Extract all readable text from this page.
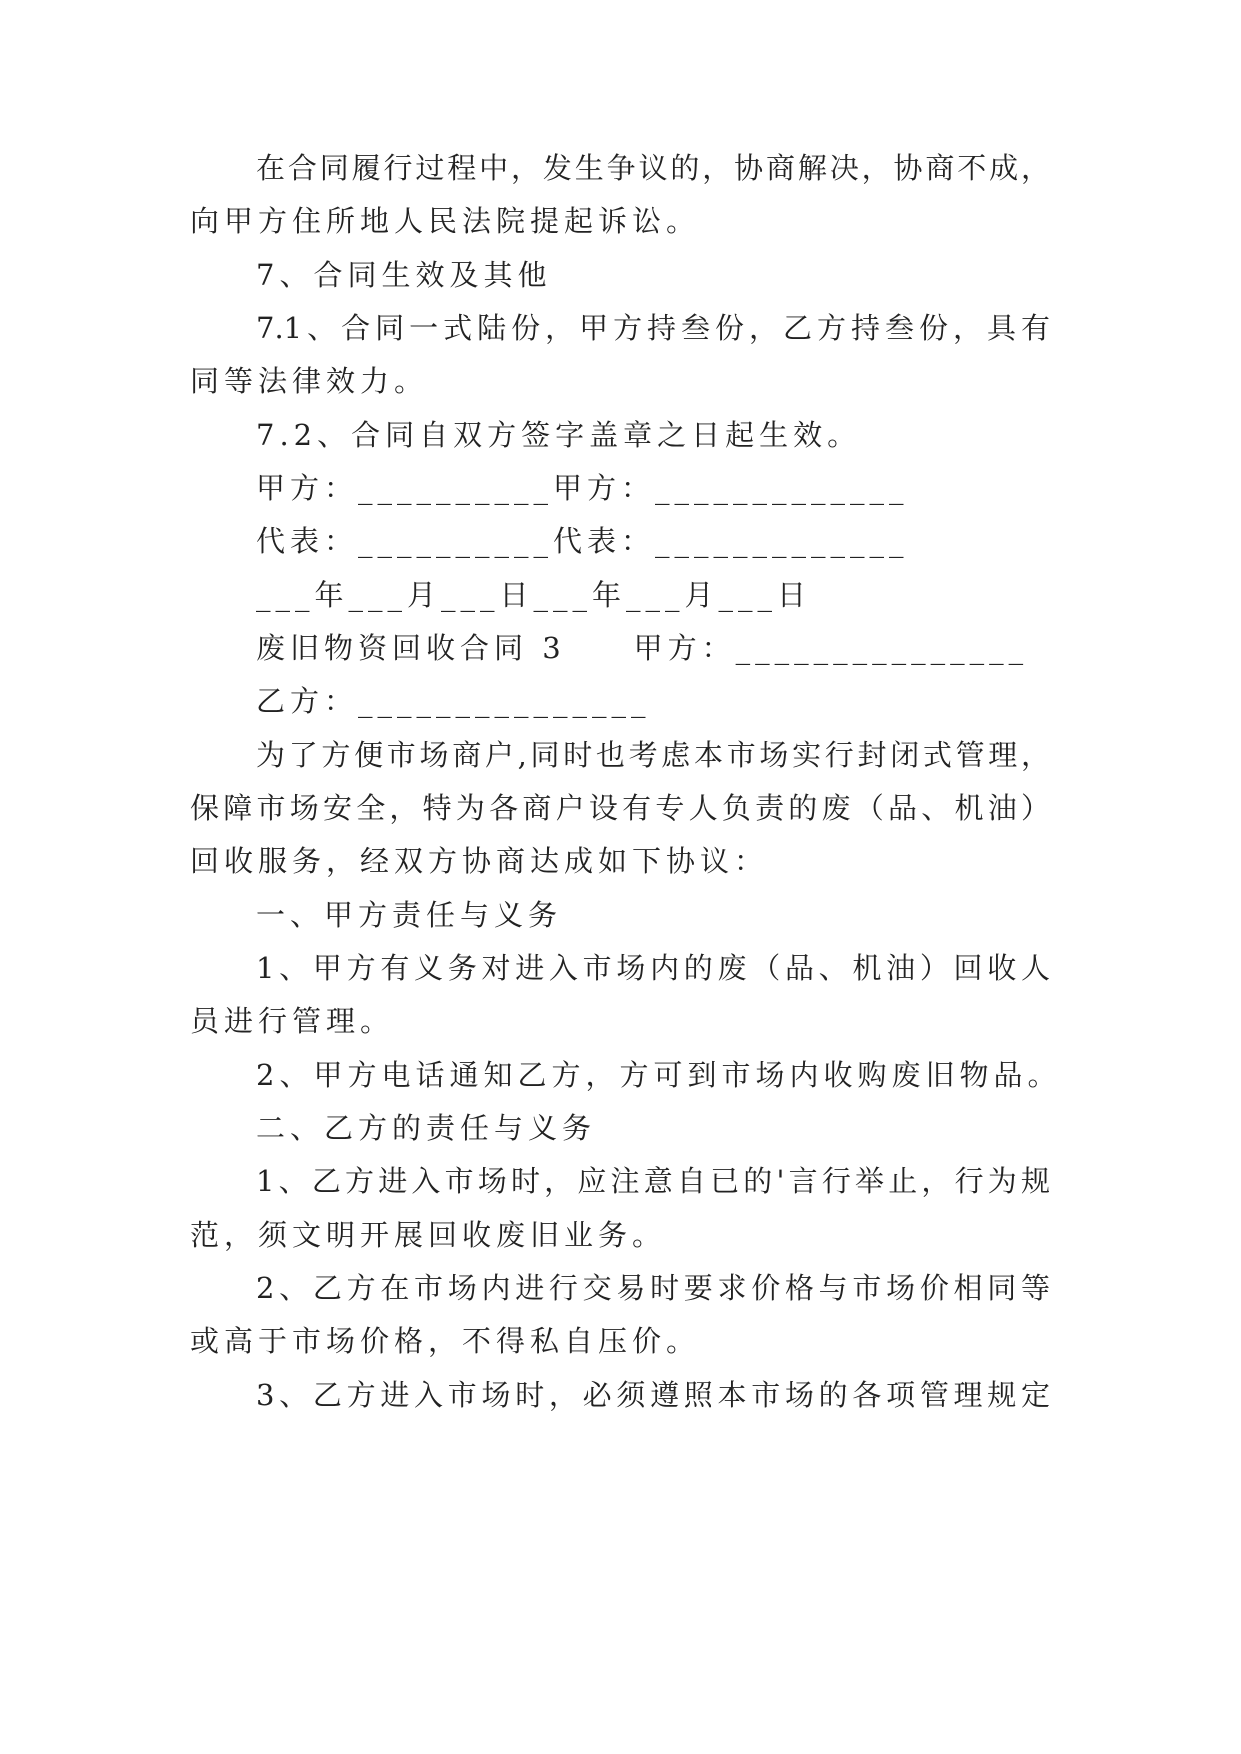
在合同履行过程中，发生争议的，协商解决，协商不成，
向甲方住所地人民法院提起诉讼。
7、合同生效及其他
7.1、合同一式陆份，甲方持叁份，乙方持叁份，具有
同等法律效力。
7.2、合同自双方签字盖章之日起生效。
甲方：__________甲方：_____________
代表：__________代表：_____________
___年___月___日___年___月___日
废旧物资回收合同 3　　甲方：_______________
乙方：_______________
为了方便市场商户,同时也考虑本市场实行封闭式管理，
保障市场安全，特为各商户设有专人负责的废（品、机油）
回收服务，经双方协商达成如下协议：
一、甲方责任与义务
1、甲方有义务对进入市场内的废（品、机油）回收人
员进行管理。
2、甲方电话通知乙方，方可到市场内收购废旧物品。
二、乙方的责任与义务
1、乙方进入市场时，应注意自已的'言行举止，行为规
范，须文明开展回收废旧业务。
2、乙方在市场内进行交易时要求价格与市场价相同等
或高于市场价格，不得私自压价。
3、乙方进入市场时，必须遵照本市场的各项管理规定
